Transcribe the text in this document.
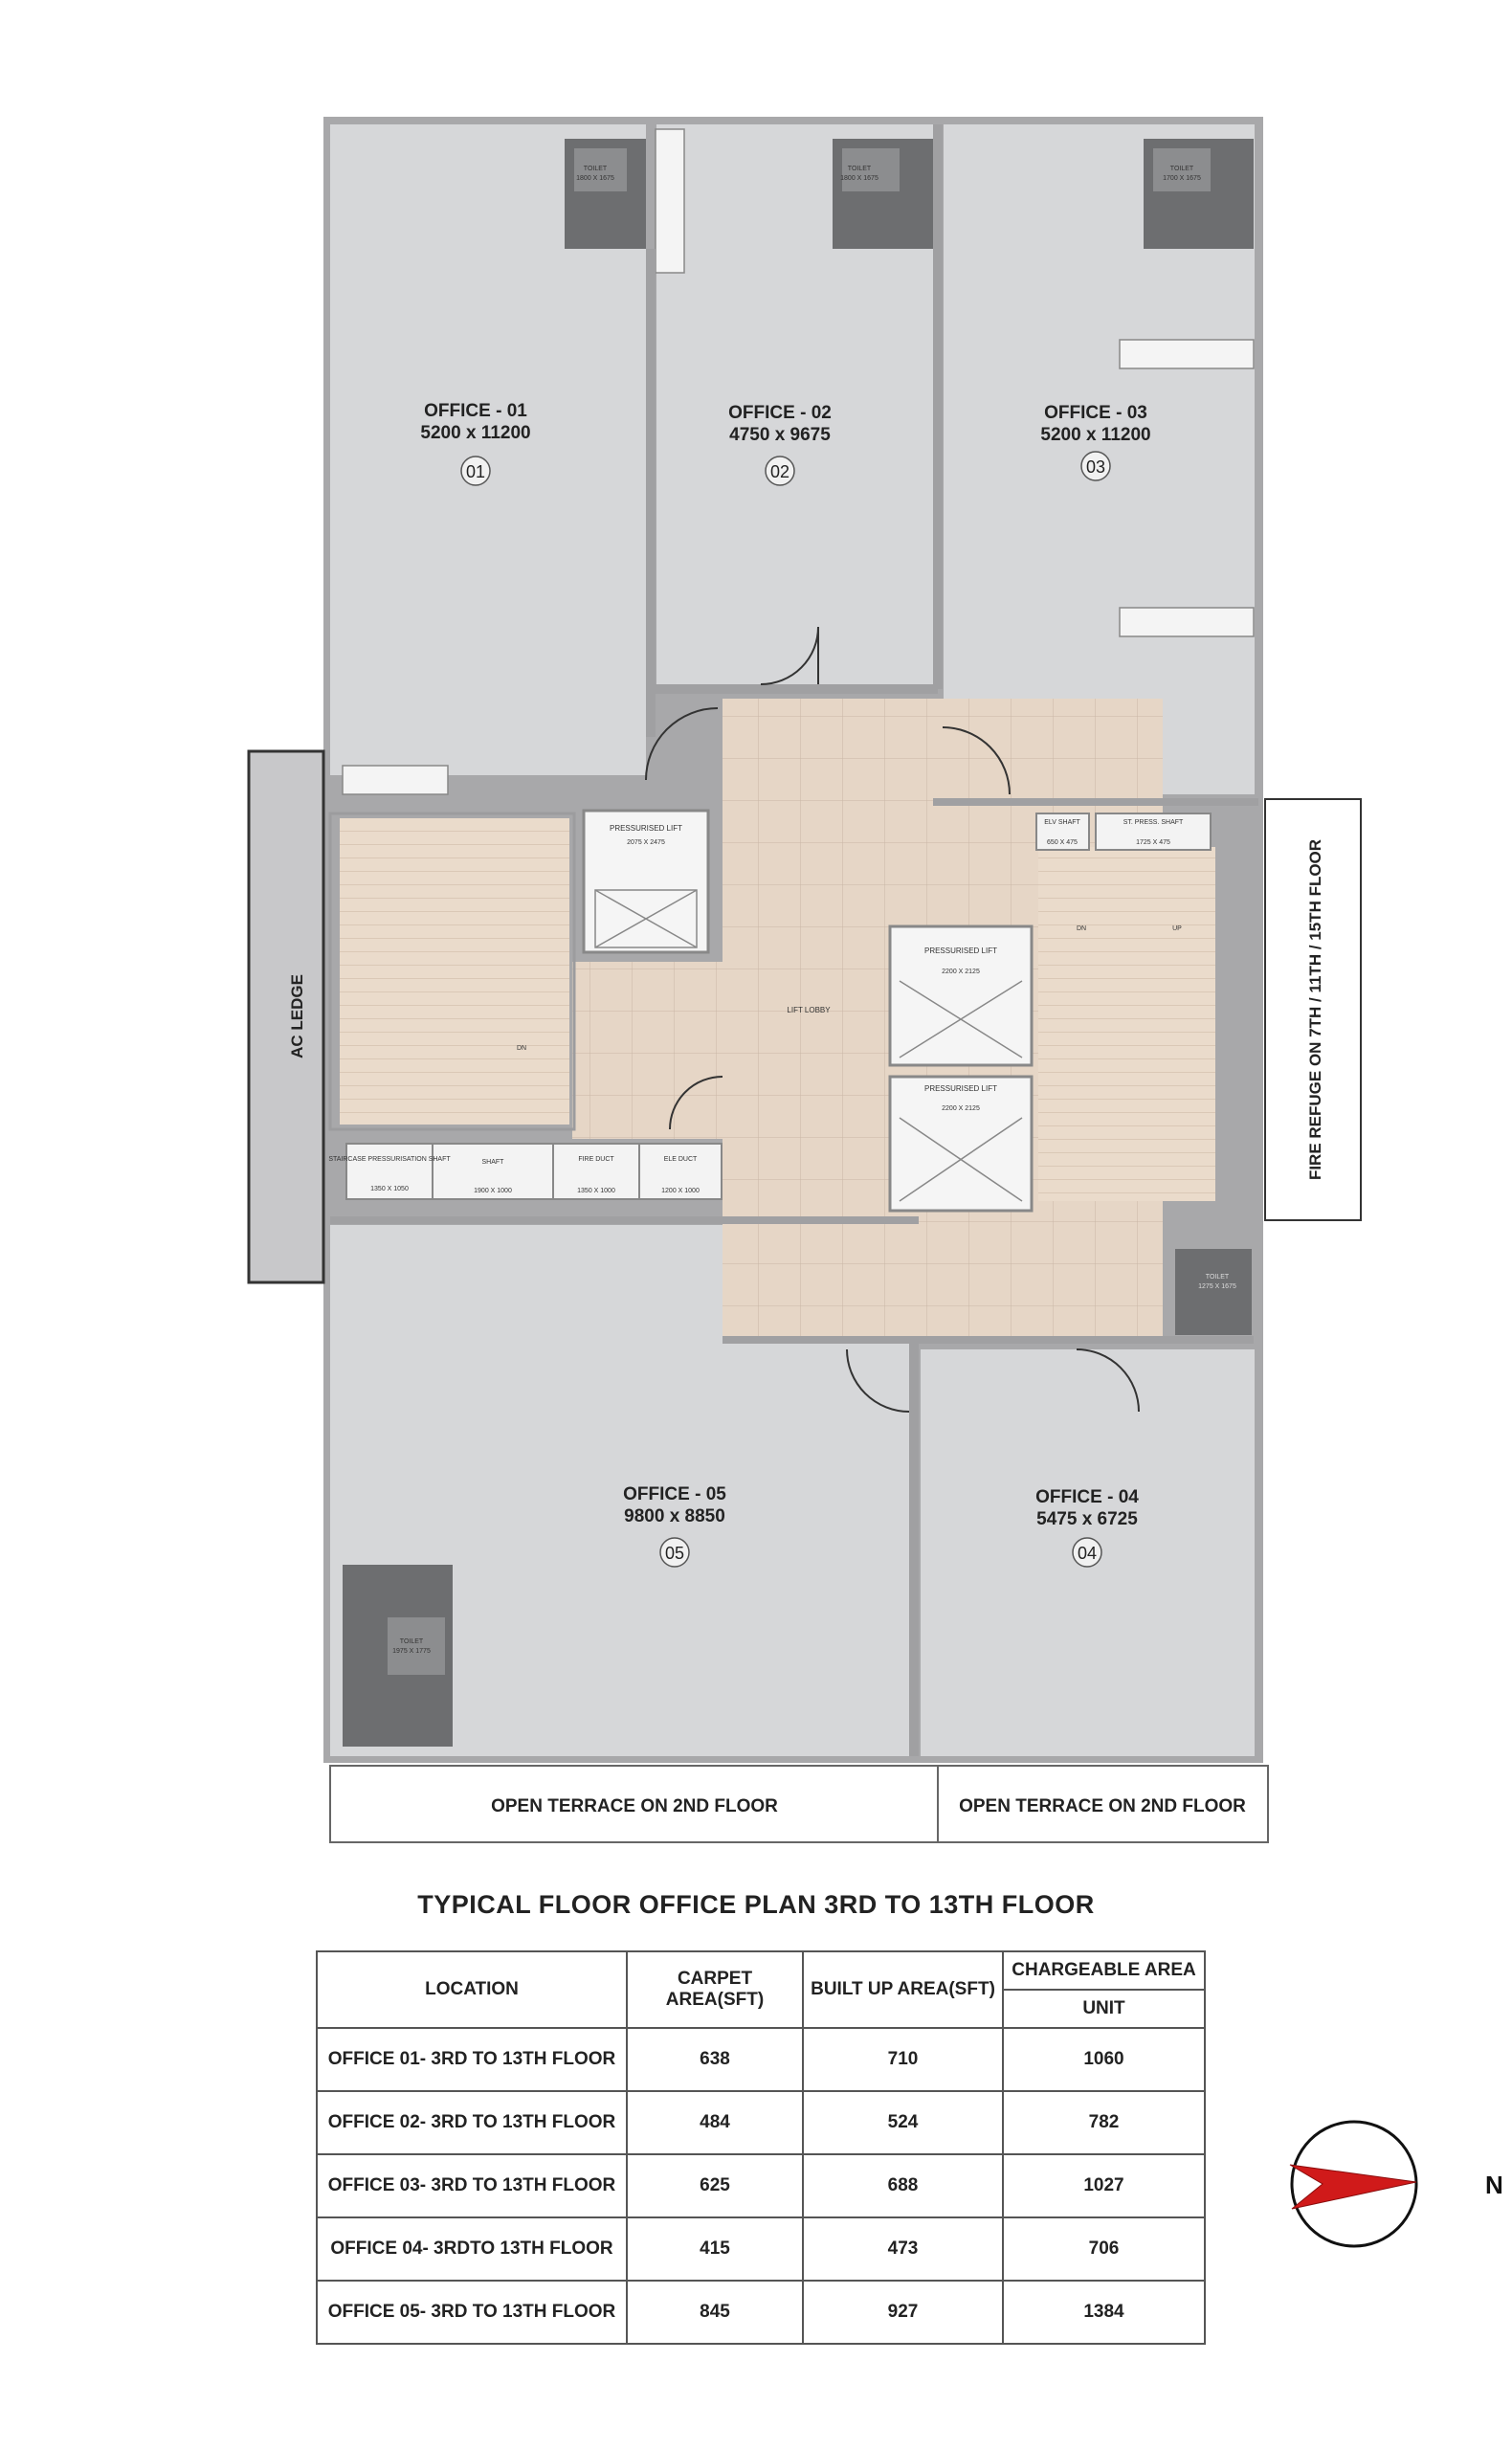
AC LEDGE	FIRE REFUGE ON 7TH / 11TH / 15TH FLOOR
OPEN TERRACE ON 2ND FLOOR	OPEN TERRACE ON 2ND FLOOR
OFFICE - 01
5200 x 11200
01
OFFICE - 02
4750 x 9675
02
OFFICE - 03
5200 x 11200
03
OFFICE - 05
9800 x 8850
05
OFFICE - 04
5475 x 6725
04
TOILET
1800 X 1675
TOILET
1800 X 1675
TOILET
1700 X 1675
TOILET
1275 X 1675
TOILET
1975 X 1775
PRESSURISED LIFT
2075 X 2475
PRESSURISED LIFT
2200 X 2125
PRESSURISED LIFT
2200 X 2125
LIFT LOBBY
ELV SHAFT
650 X 475
ST. PRESS. SHAFT
1725 X 475
STAIRCASE PRESSURISATION SHAFT
1350 X 1050
SHAFT
1900 X 1000
FIRE DUCT
1350 X 1000
ELE DUCT
1200 X 1000
UP
DN
DN
TYPICAL FLOOR OFFICE PLAN 3RD TO 13TH FLOOR
LOCATION	CARPET AREA(SFT)	BUILT UP AREA(SFT)	CHARGEABLE AREA
			UNIT
OFFICE 01- 3RD TO 13TH FLOOR	638	710	1060
OFFICE 02- 3RD TO 13TH FLOOR	484	524	782
OFFICE 03- 3RD TO 13TH FLOOR	625	688	1027
OFFICE 04- 3RDTO 13TH FLOOR	415	473	706
OFFICE 05- 3RD TO 13TH FLOOR	845	927	1384
N
